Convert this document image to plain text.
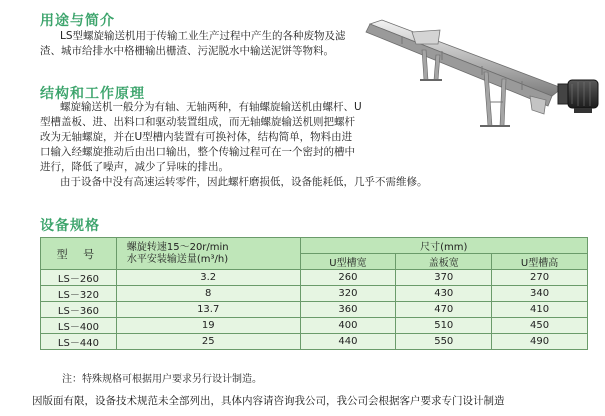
用途与简介
LS型螺旋输送机用于传输工业生产过程中产生的各种废物及滤渣、城市给排水中格栅输出栅渣、污泥脱水中输送泥饼等物料。
结构和工作原理

螺旋输送机一般分为有轴、无轴两种，有轴螺旋输送机由螺杆、U型槽盖板、进、出料口和驱动装置组成，而无轴螺旋输送机则把螺杆改为无轴螺旋，并在U型槽内装置有可换衬体，结构简单，物料由进口输入经螺旋推动后由出口输出，整个传输过程可在一个密封的槽中进行，降低了噪声，减少了异味的排出。

由于设备中没有高速运转零件，因此螺杆磨损低，设备能耗低，几乎不需维修。

设备规格
型 号	螺旋转速15～20r/min
水平安装输送量(m³/h)	尺寸(mm)		
		U型槽宽	盖板宽	U型槽高
LS－260	3.2	260	370	270
LS－320	8	320	430	340
LS－360	13.7	360	470	410
LS－400	19	400	510	450
LS－440	25	440	550	490
注：特殊规格可根据用户要求另行设计制造。
因版面有限，设备技术规范未全部列出，具体内容请咨询我公司，我公司会根据客户要求专门设计制造
